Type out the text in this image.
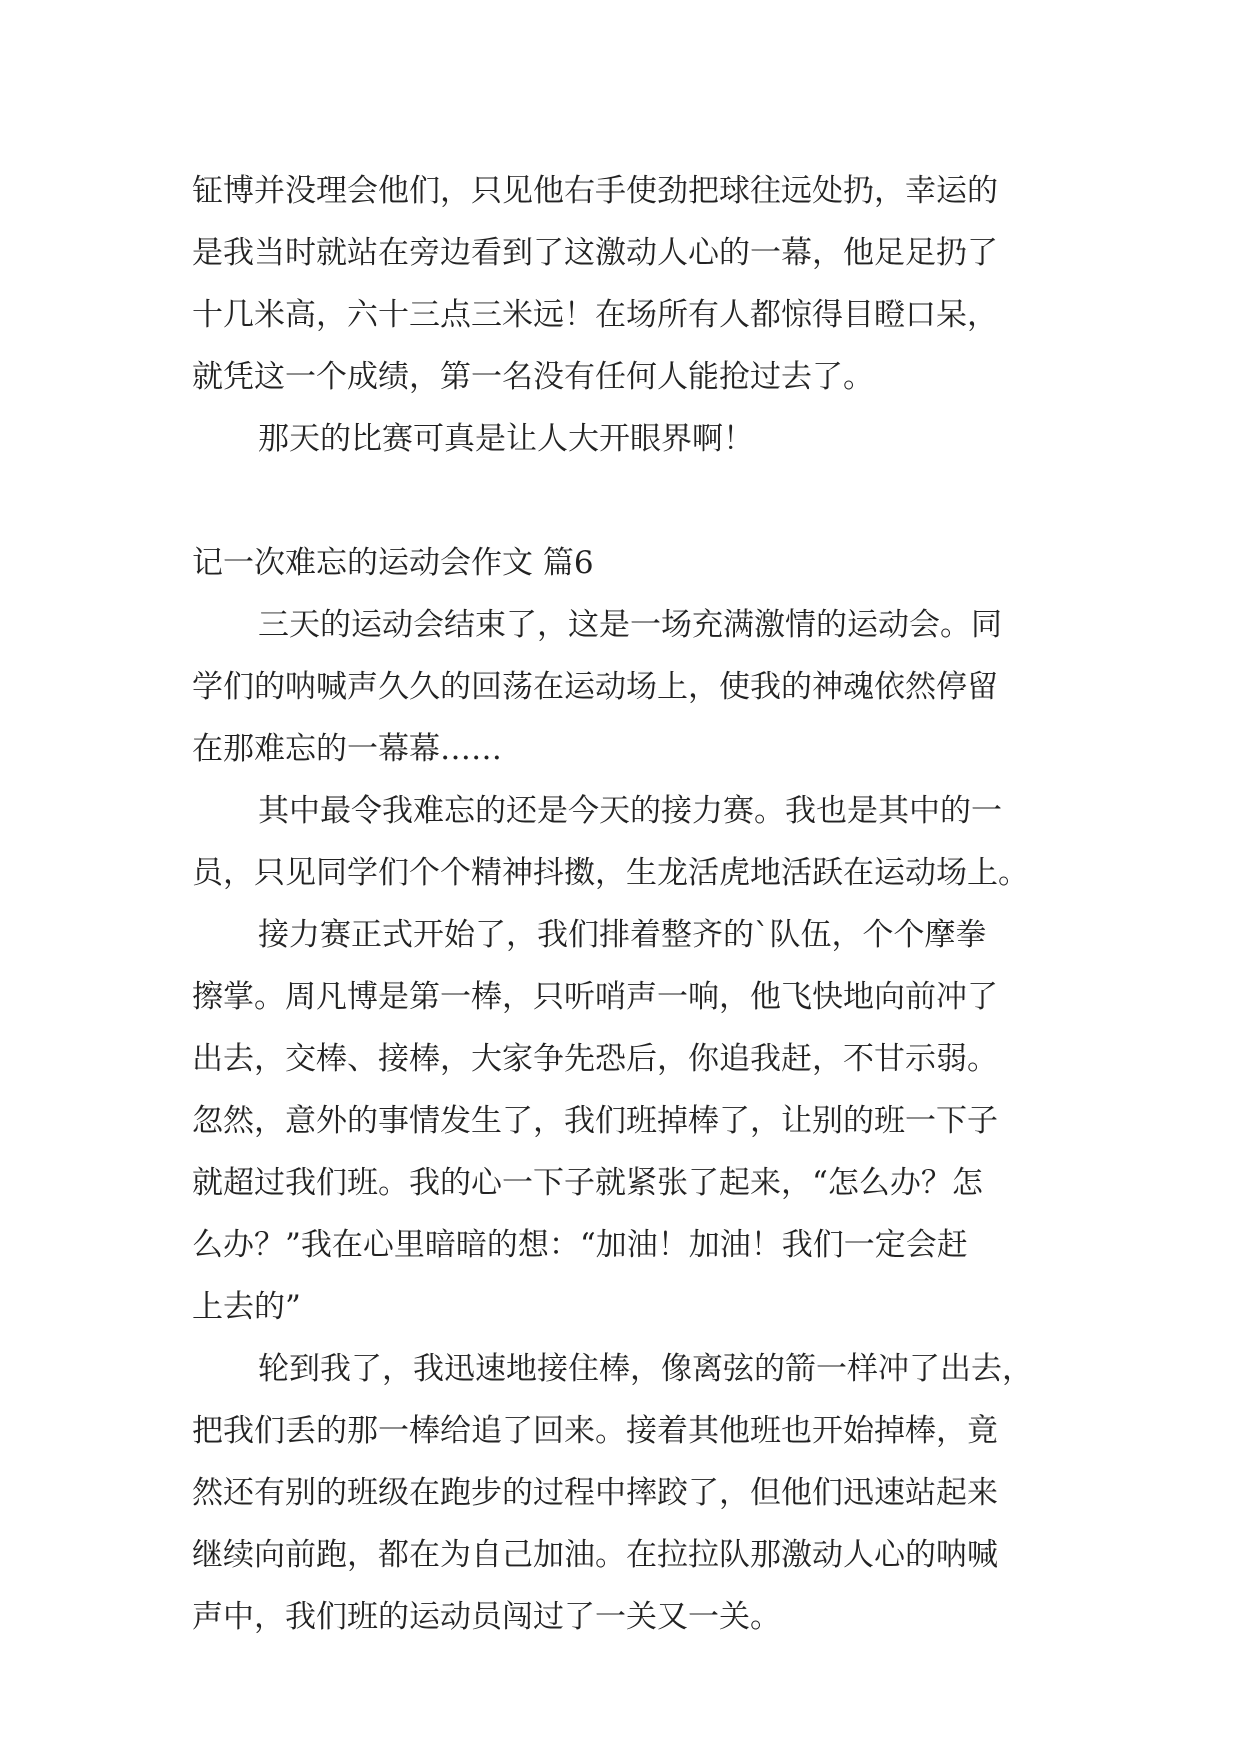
钲博并没理会他们，只见他右手使劲把球往远处扔，幸运的
是我当时就站在旁边看到了这激动人心的一幕，他足足扔了
十几米高，六十三点三米远！在场所有人都惊得目瞪口呆，
就凭这一个成绩，第一名没有任何人能抢过去了。
那天的比赛可真是让人大开眼界啊！
记一次难忘的运动会作文 篇6
三天的运动会结束了，这是一场充满激情的运动会。同
学们的呐喊声久久的回荡在运动场上，使我的神魂依然停留
在那难忘的一幕幕……
其中最令我难忘的还是今天的接力赛。我也是其中的一
员，只见同学们个个精神抖擞，生龙活虎地活跃在运动场上。
接力赛正式开始了，我们排着整齐的`队伍，个个摩拳
擦掌。周凡博是第一棒，只听哨声一响，他飞快地向前冲了
出去，交棒、接棒，大家争先恐后，你追我赶，不甘示弱。
忽然，意外的事情发生了，我们班掉棒了，让别的班一下子
就超过我们班。我的心一下子就紧张了起来，“怎么办？怎
么办？”我在心里暗暗的想：“加油！加油！我们一定会赶
上去的”
轮到我了，我迅速地接住棒，像离弦的箭一样冲了出去，
把我们丢的那一棒给追了回来。接着其他班也开始掉棒，竟
然还有别的班级在跑步的过程中摔跤了，但他们迅速站起来
继续向前跑，都在为自己加油。在拉拉队那激动人心的呐喊
声中，我们班的运动员闯过了一关又一关。
